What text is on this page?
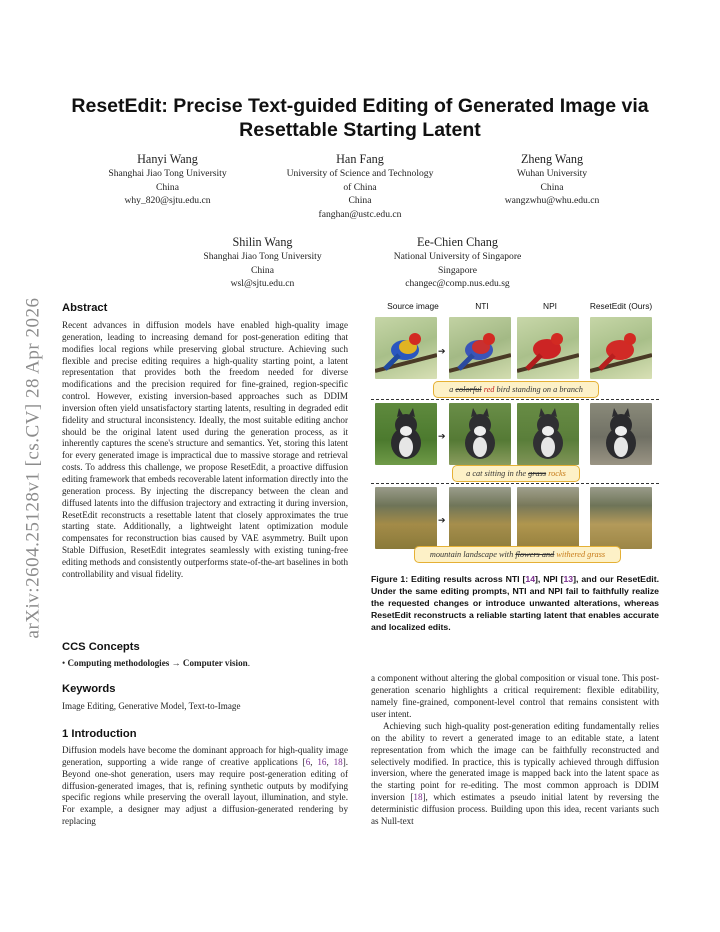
arXiv:2604.25128v1 [cs.CV] 28 Apr 2026
ResetEdit: Precise Text-guided Editing of Generated Image via Resettable Starting Latent
Hanyi Wang
Shanghai Jiao Tong University
China
why_820@sjtu.edu.cn
Han Fang
University of Science and Technology
of China
China
fanghan@ustc.edu.cn
Zheng Wang
Wuhan University
China
wangzwhu@whu.edu.cn
Shilin Wang
Shanghai Jiao Tong University
China
wsl@sjtu.edu.cn
Ee-Chien Chang
National University of Singapore
Singapore
changec@comp.nus.edu.sg
Abstract
Recent advances in diffusion models have enabled high-quality image generation, leading to increasing demand for post-generation editing that modifies local regions while preserving global structure. Achieving such flexible and precise editing requires a high-quality starting point, a latent representation that provides both the freedom needed for diverse modifications and the precision required for fine-grained, region-specific control. However, existing inversion-based approaches such as DDIM inversion often yield unsatisfactory starting latents, resulting in degraded edit fidelity and structural inconsistency. Ideally, the most suitable editing anchor should be the original latent used during the generation process, as it inherently captures the scene's structure and semantics. Yet, storing this latent for every generated image is impractical due to massive storage and retrieval costs. To address this challenge, we propose ResetEdit, a proactive diffusion editing framework that embeds recoverable latent information directly into the generation process. By injecting the discrepancy between the clean and diffused latents into the diffusion trajectory and extracting it during inversion, ResetEdit reconstructs a resettable latent that closely approximates the true starting state. Additionally, a lightweight latent optimization module compensates for reconstruction bias caused by VAE asymmetry. Built upon Stable Diffusion, ResetEdit integrates seamlessly with existing tuning-free editing methods and consistently outperforms state-of-the-art baselines in both controllability and visual fidelity.
CCS Concepts
• Computing methodologies → Computer vision.
Keywords
Image Editing, Generative Model, Text-to-Image
1 Introduction
Diffusion models have become the dominant approach for high-quality image generation, supporting a wide range of creative applications [6, 16, 18]. Beyond one-shot generation, users may require post-generation editing of diffusion-generated images, that is, refining synthetic outputs by modifying specific regions while preserving the overall layout, illumination, and style. For example, a designer may adjust a diffusion-generated rendering by replacing
Source image	NTI	NPI	ResetEdit (Ours)
➔
a colorful red bird standing on a branch
➔
a cat sitting in the grass rocks
➔
mountain landscape with flowers and withered grass
Figure 1: Editing results across NTI [14], NPI [13], and our ResetEdit. Under the same editing prompts, NTI and NPI fail to faithfully realize the requested changes or introduce unwanted alterations, whereas ResetEdit reconstructs a reliable starting latent that enables accurate and localized edits.
a component without altering the global composition or visual tone. This post-generation scenario highlights a critical requirement: flexible editability, namely fine-grained, component-level control that remains consistent with user intent.
Achieving such high-quality post-generation editing fundamentally relies on the ability to revert a generated image to an editable state, a latent representation from which the image can be faithfully reconstructed and selectively modified. In practice, this is typically achieved through diffusion inversion, where the generated image is mapped back into the latent space as the starting point for re-editing. The most common approach is DDIM inversion [18], which estimates a pseudo initial latent by reversing the deterministic diffusion process. Building upon this idea, recent variants such as Null-text
